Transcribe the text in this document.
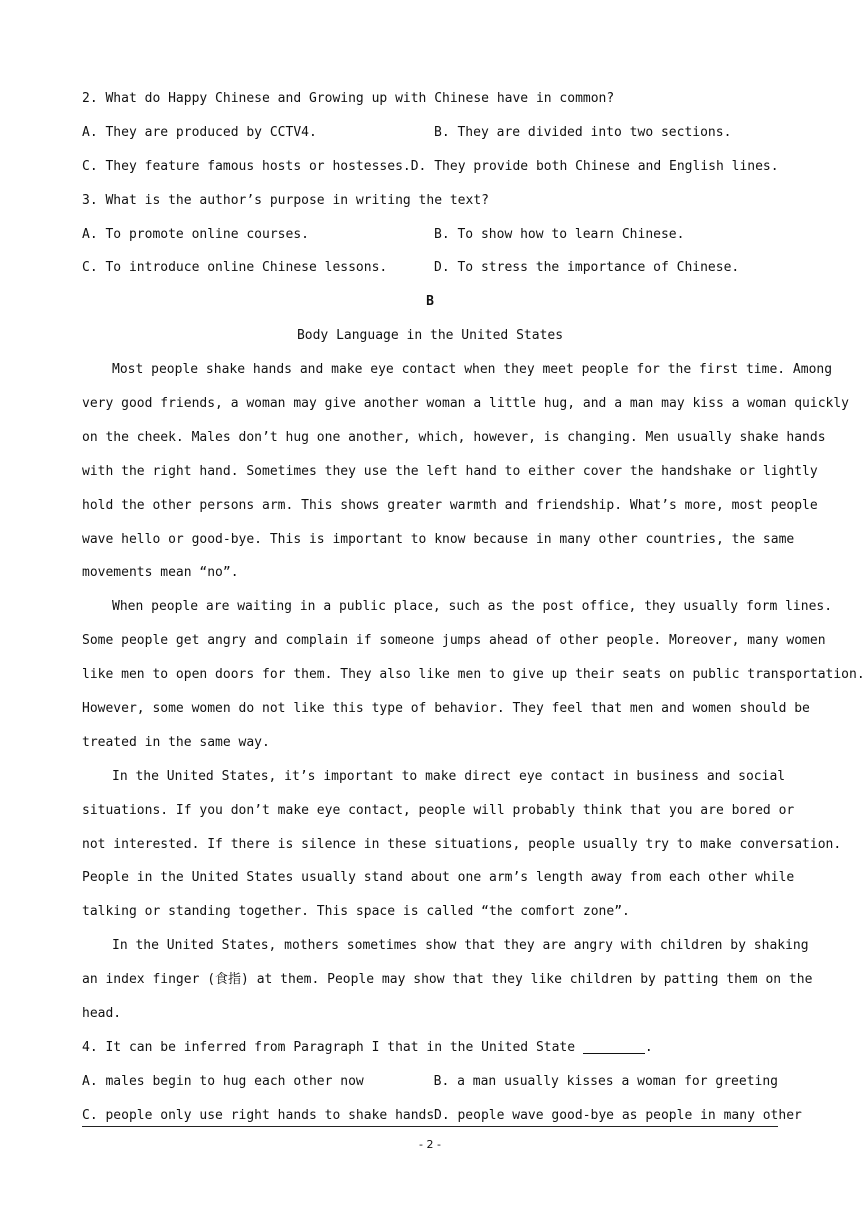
2. What do Happy Chinese and Growing up with Chinese have in common?
A. They are produced by CCTV4.	B. They are divided into two sections.
C. They feature famous hosts or hostesses. D. They provide both Chinese and English lines.
3. What is the author’s purpose in writing the text?
A. To promote online courses.	B. To show how to learn Chinese.
C. To introduce online Chinese lessons.	D. To stress the importance of Chinese.
B
Body Language in the United States
Most people shake hands and make eye contact when they meet people for the first time. Among
very good friends, a woman may give another woman a little hug, and a man may kiss a woman quickly
on the cheek. Males don’t hug one another, which, however, is changing. Men usually shake hands
with the right hand. Sometimes they use the left hand to either cover the handshake or lightly
hold the other persons arm. This shows greater warmth and friendship. What’s more, most people
wave hello or good-bye. This is important to know because in many other countries, the same
movements mean “no”.
When people are waiting in a public place, such as the post office, they usually form lines.
Some people get angry and complain if someone jumps ahead of other people. Moreover, many women
like men to open doors for them. They also like men to give up their seats on public transportation.
However, some women do not like this type of behavior. They feel that men and women should be
treated in the same way.
In the United States, it’s important to make direct eye contact in business and social
situations. If you don’t make eye contact, people will probably think that you are bored or
not interested. If there is silence in these situations, people usually try to make conversation.
People in the United States usually stand about one arm’s length away from each other while
talking or standing together. This space is called “the comfort zone”.
In the United States, mothers sometimes show that they are angry with children by shaking
an index finger (食指) at them. People may show that they like children by patting them on the
head.
4. It can be inferred from Paragraph I that in the United State	.
A. males begin to hug each other now	B. a man usually kisses a woman for greeting
C. people only use right hands to shake hands D. people wave good-bye as people in many other
- 2 -
